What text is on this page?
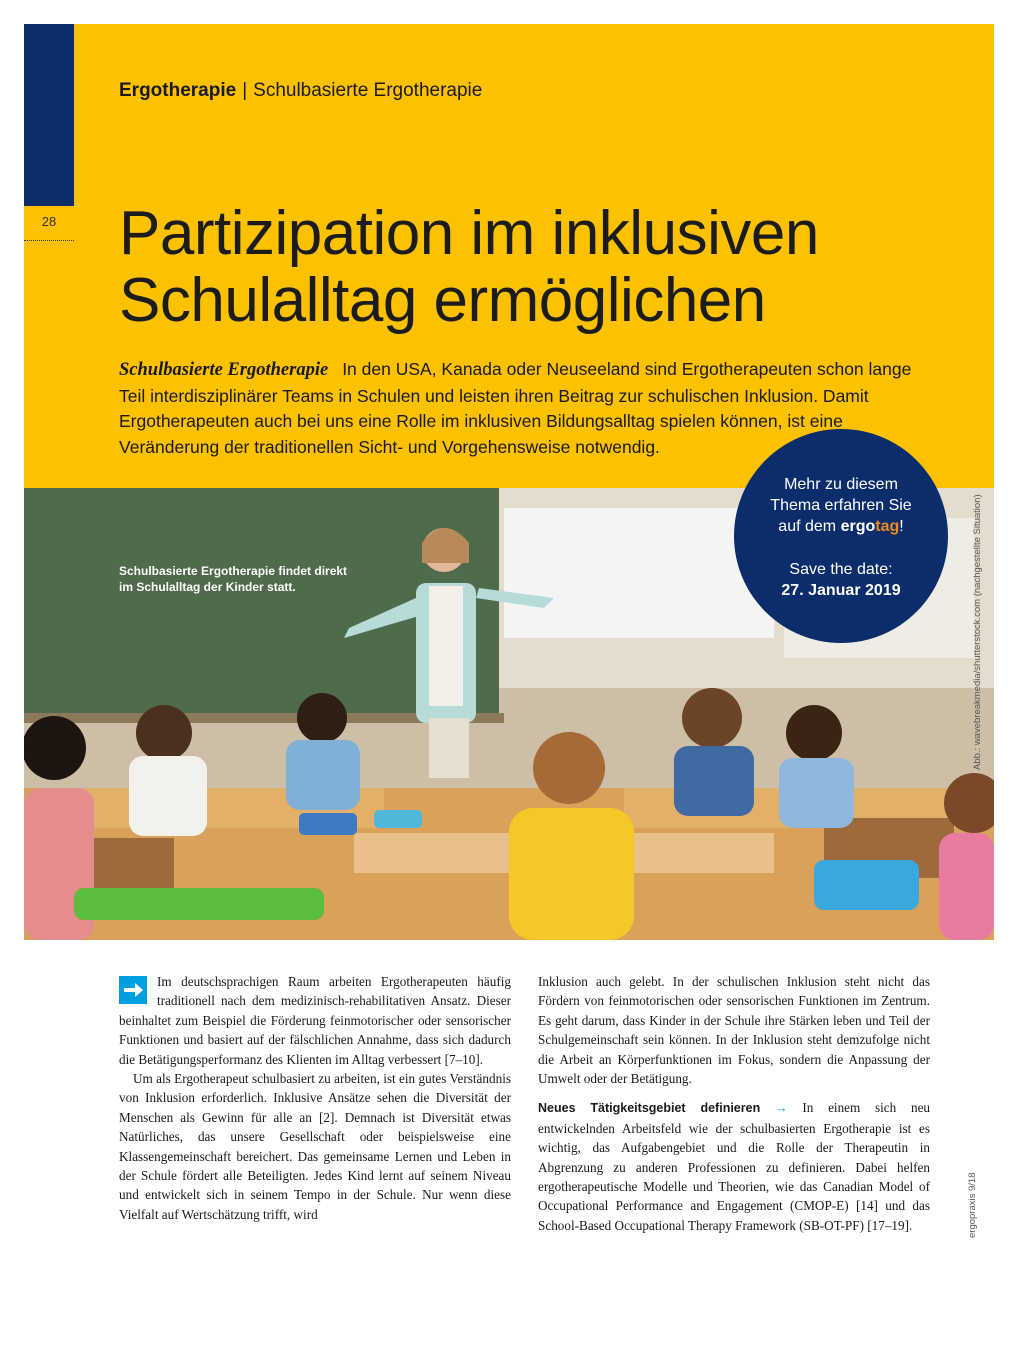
28
Ergotherapie | Schulbasierte Ergotherapie
Partizipation im inklusiven
Schulalltag ermöglichen

Schulbasierte Ergotherapie In den USA, Kanada oder Neuseeland sind Ergotherapeuten schon lange Teil interdisziplinärer Teams in Schulen und leisten ihren Beitrag zur schulischen Inklusion. Damit Ergotherapeuten auch bei uns eine Rolle im inklusiven Bildungsalltag spielen können, ist eine Veränderung der traditionellen Sicht- und Vorgehensweise notwendig.

Schulbasierte Ergotherapie findet direkt im Schulalltag der Kinder statt.	Abb.: wavebreakmedia/shutterstock.com (nachgestellte Situation)
Mehr zu diesem
Thema erfahren Sie
auf dem ergotag!
Save the date:
27. Januar 2019

Im deutschsprachigen Raum arbeiten Ergotherapeuten häufig traditionell nach dem medizinisch-rehabilitativen Ansatz. Dieser beinhaltet zum Beispiel die Förderung feinmotorischer oder sensorischer Funktionen und basiert auf der fälschlichen Annahme, dass sich dadurch die Betätigungsperformanz des Klienten im Alltag verbessert [7–10].

Um als Ergotherapeut schulbasiert zu arbeiten, ist ein gutes Verständnis von Inklusion erforderlich. Inklusive Ansätze sehen die Diversität der Menschen als Gewinn für alle an [2]. Demnach ist Diversität etwas Natürliches, das unsere Gesellschaft oder beispielsweise eine Klassengemeinschaft bereichert. Das gemeinsame Lernen und Leben in der Schule fördert alle Beteiligten. Jedes Kind lernt auf seinem Niveau und entwickelt sich in seinem Tempo in der Schule. Nur wenn diese Vielfalt auf Wertschätzung trifft, wird

Inklusion auch gelebt. In der schulischen Inklusion steht nicht das Fördern von feinmotorischen oder sensorischen Funktionen im Zentrum. Es geht darum, dass Kinder in der Schule ihre Stärken leben und Teil der Schulgemeinschaft sein können. In der Inklusion steht demzufolge nicht die Arbeit an Körperfunktionen im Fokus, sondern die Anpassung der Umwelt oder der Betätigung.

Neues Tätigkeitsgebiet definieren → In einem sich neu entwickelnden Arbeitsfeld wie der schulbasierten Ergotherapie ist es wichtig, das Aufgabengebiet und die Rolle der Therapeutin in Abgrenzung zu anderen Professionen zu definieren. Dabei helfen ergotherapeutische Modelle und Theorien, wie das Canadian Model of Occupational Performance and Engagement (CMOP-E) [14] und das School-Based Occupational Therapy Framework (SB-OT-PF) [17–19].	ergopraxis 9/18
